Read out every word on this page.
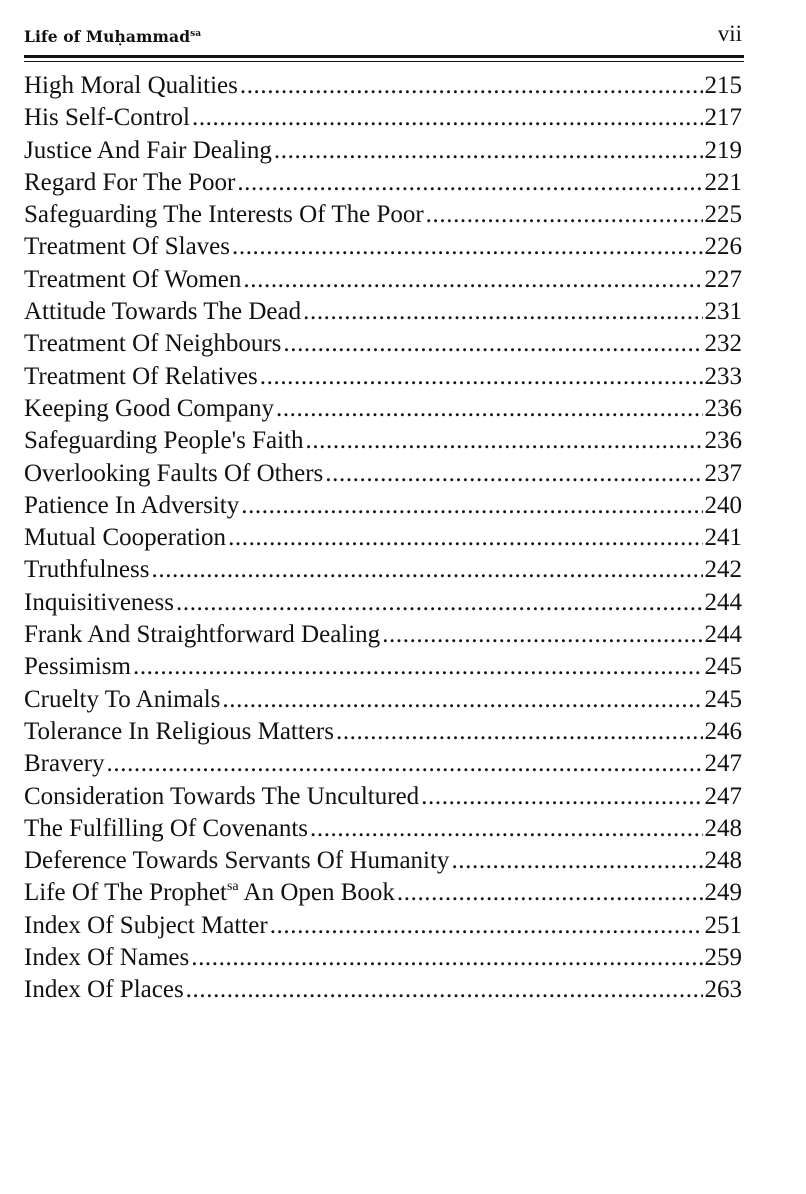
Life of Muḥammad$^{sa}$	vii
High Moral Qualities .....	215
His Self-Control .....	217
Justice And Fair Dealing .....	219
Regard For The Poor .....	221
Safeguarding The Interests Of The Poor .....	225
Treatment Of Slaves .....	226
Treatment Of Women .....	227
Attitude Towards The Dead .....	231
Treatment Of Neighbours .....	232
Treatment Of Relatives .....	233
Keeping Good Company .....	236
Safeguarding People's Faith .....	236
Overlooking Faults Of Others .....	237
Patience In Adversity .....	240
Mutual Cooperation .....	241
Truthfulness .....	242
Inquisitiveness .....	244
Frank And Straightforward Dealing .....	244
Pessimism .....	245
Cruelty To Animals .....	245
Tolerance In Religious Matters .....	246
Bravery .....	247
Consideration Towards The Uncultured .....	247
The Fulfilling Of Covenants .....	248
Deference Towards Servants Of Humanity .....	248
Life Of The Prophet$^{sa}$ An Open Book .....	249
Index Of Subject Matter .....	251
Index Of Names .....	259
Index Of Places .....	263
